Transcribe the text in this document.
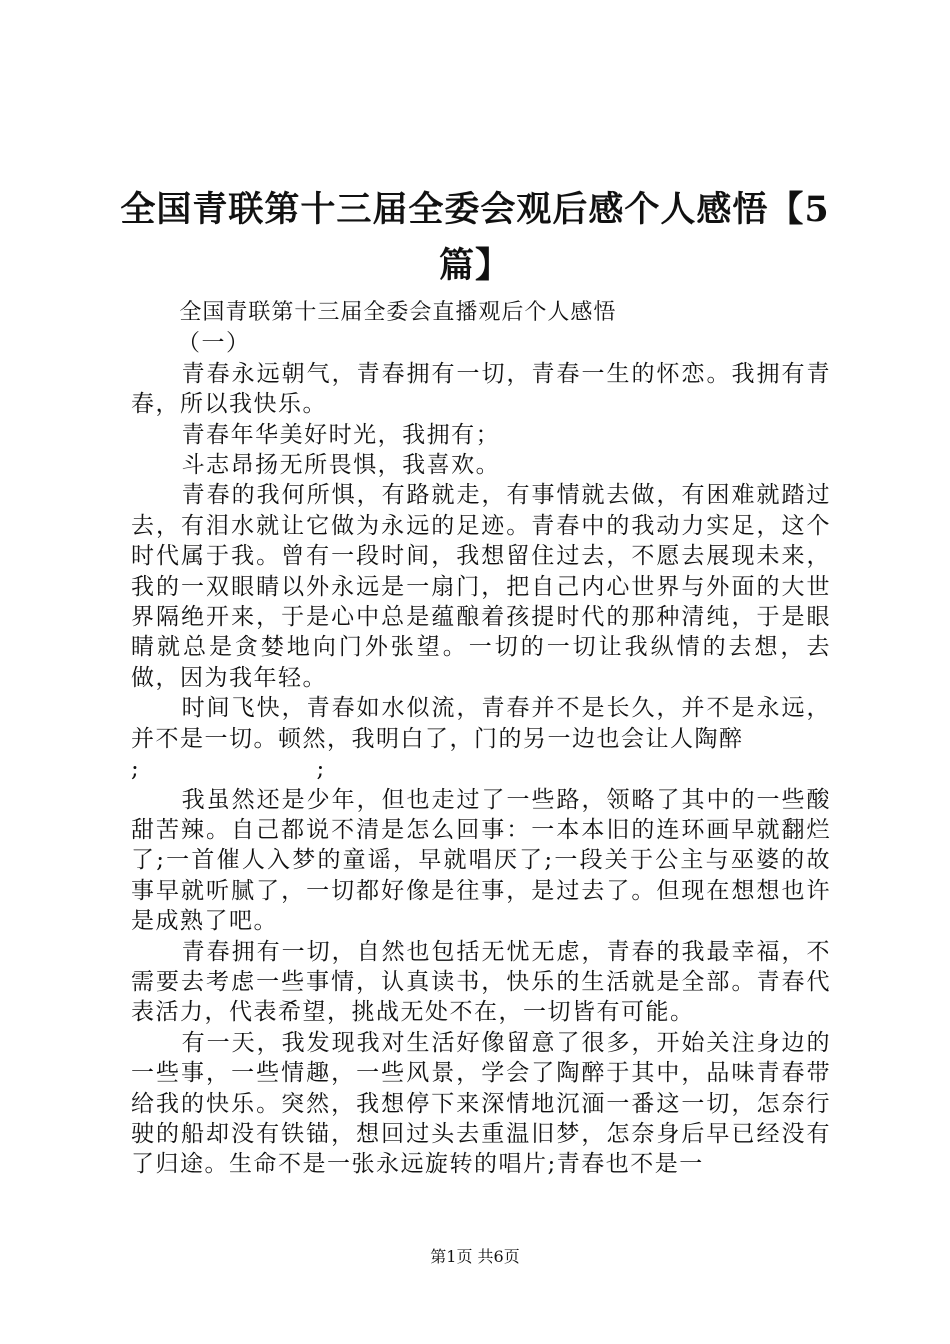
全国青联第十三届全委会观后感个人感悟【5篇】

全国青联第十三届全委会直播观后个人感悟

（一）

青春永远朝气，青春拥有一切，青春一生的怀恋。我拥有青春，所以我快乐。

青春年华美好时光，我拥有；

斗志昂扬无所畏惧，我喜欢。

青春的我何所惧，有路就走，有事情就去做，有困难就踏过去，有泪水就让它做为永远的足迹。青春中的我动力实足，这个时代属于我。曾有一段时间，我想留住过去，不愿去展现未来，我的一双眼睛以外永远是一扇门，把自己内心世界与外面的大世界隔绝开来，于是心中总是蕴酿着孩提时代的那种清纯，于是眼睛就总是贪婪地向门外张望。一切的一切让我纵情的去想，去做，因为我年轻。

时间飞快，青春如水似流，青春并不是长久，并不是永远，并不是一切。顿然，我明白了，门的另一边也会让人陶醉

;                    ;

我虽然还是少年，但也走过了一些路，领略了其中的一些酸甜苦辣。自己都说不清是怎么回事：一本本旧的连环画早就翻烂了;一首催人入梦的童谣，早就唱厌了;一段关于公主与巫婆的故事早就听腻了，一切都好像是往事，是过去了。但现在想想也许是成熟了吧。

青春拥有一切，自然也包括无忧无虑，青春的我最幸福，不需要去考虑一些事情，认真读书，快乐的生活就是全部。青春代表活力，代表希望，挑战无处不在，一切皆有可能。

有一天，我发现我对生活好像留意了很多，开始关注身边的一些事，一些情趣，一些风景，学会了陶醉于其中，品味青春带给我的快乐。突然，我想停下来深情地沉湎一番这一切，怎奈行驶的船却没有铁锚，想回过头去重温旧梦，怎奈身后早已经没有了归途。生命不是一张永远旋转的唱片;青春也不是一

第1页 共6页
